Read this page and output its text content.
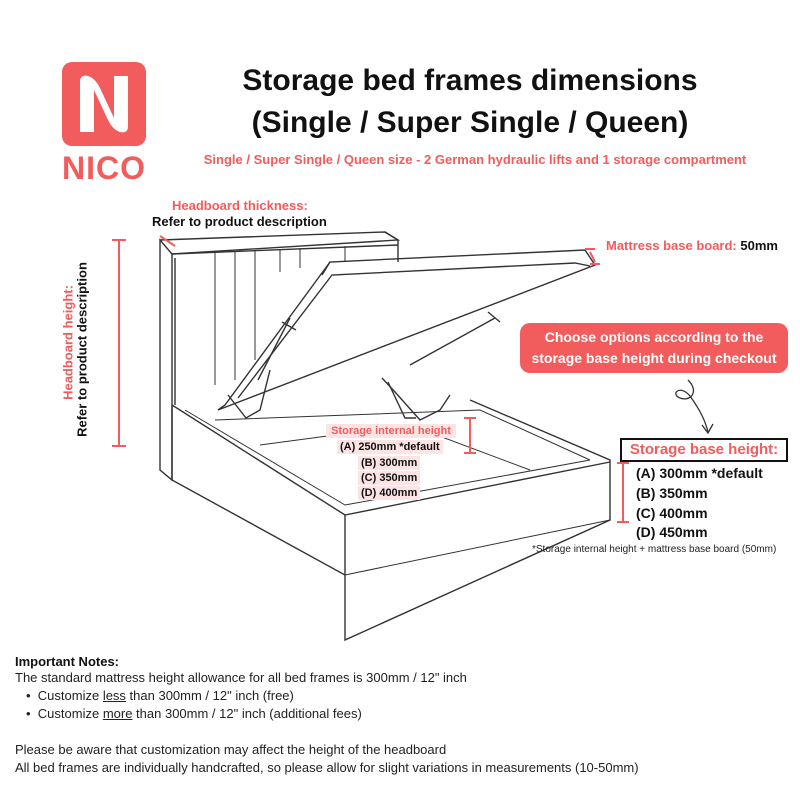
NICO
Storage bed frames dimensions
(Single / Super Single / Queen)
Single / Super Single / Queen size - 2 German hydraulic lifts and 1 storage compartment
Headboard thickness:
Refer to product description
Headboard height: Refer to product description
Mattress base board: 50mm
Choose options according to the storage base height during checkout
Storage internal height
(A) 250mm *default
(B) 300mm
(C) 350mm
(D) 400mm
Storage base height:
(A) 300mm *default
(B) 350mm
(C) 400mm
(D) 450mm
*Storage internal height + mattress base board (50mm)
Important Notes:
The standard mattress height allowance for all bed frames is 300mm / 12" inch
•  Customize less than 300mm / 12" inch (free)
•  Customize more than 300mm / 12" inch (additional fees)
Please be aware that customization may affect the height of the headboard
All bed frames are individually handcrafted, so please allow for slight variations in measurements (10-50mm)
